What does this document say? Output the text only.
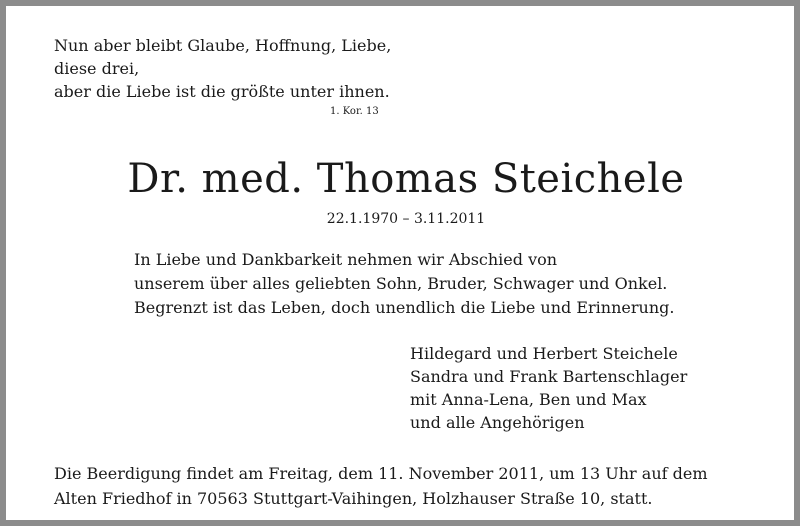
Nun aber bleibt Glaube, Hoffnung, Liebe,
diese drei,
aber die Liebe ist die größte unter ihnen.
1. Kor. 13
Dr. med. Thomas Steichele
22.1.1970 – 3.11.2011
In Liebe und Dankbarkeit nehmen wir Abschied von
unserem über alles geliebten Sohn, Bruder, Schwager und Onkel.
Begrenzt ist das Leben, doch unendlich die Liebe und Erinnerung.
Hildegard und Herbert Steichele
Sandra und Frank Bartenschlager
mit Anna-Lena, Ben und Max
und alle Angehörigen
Die Beerdigung findet am Freitag, dem 11. November 2011, um 13 Uhr auf dem
Alten Friedhof in 70563 Stuttgart-Vaihingen, Holzhauser Straße 10, statt.
